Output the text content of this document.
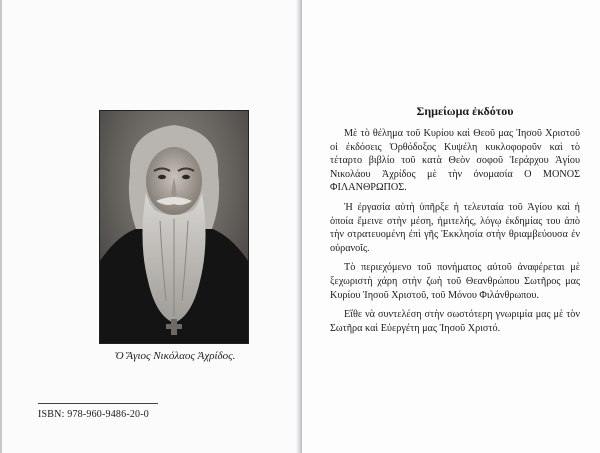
Ὁ Ἅγιος Νικόλαος Ἀχρίδος.
ISBN: 978-960-9486-20-0
Σημείωμα ἐκδότου

Μὲ τὸ θέλημα τοῦ Κυρίου καὶ Θεοῦ μας Ἰησοῦ Χριστοῦ οἱ ἐκδόσεις Ὀρθόδοξος Κυψέλη κυκλοφοροῦν καὶ τὸ τέταρτο βιβλίο τοῦ κατὰ Θεὸν σοφοῦ Ἱεράρχου Ἁγίου Νικολάου Ἀχρίδος μὲ τὴν ὀνομασία Ο ΜΟΝΟΣ ΦΙΛΑΝΘΡΩΠΟΣ.

Ἡ ἐργασία αὐτὴ ὑπῆρξε ἡ τελευταία τοῦ Ἁγίου καὶ ἡ ὁποία ἔμεινε στὴν μέση, ἡμιτελής, λόγῳ ἐκδημίας του ἀπὸ τὴν στρατευομένη ἐπὶ γῆς Ἐκκλησία στὴν θριαμβεύουσα ἐν οὐρανοῖς.

Τὸ περιεχόμενο τοῦ πονήματος αὐτοῦ ἀναφέρεται μὲ ξεχωριστὴ χάρη στὴν ζωὴ τοῦ Θεανθρώπου Σωτῆρος μας Κυρίου Ἰησοῦ Χριστοῦ, τοῦ Μόνου Φιλάνθρωπου.

Εἴθε νὰ συντελέση στὴν σωστότερη γνωριμία μας μὲ τὸν Σωτῆρα καὶ Εὐεργέτη μας Ἰησοῦ Χριστό.
